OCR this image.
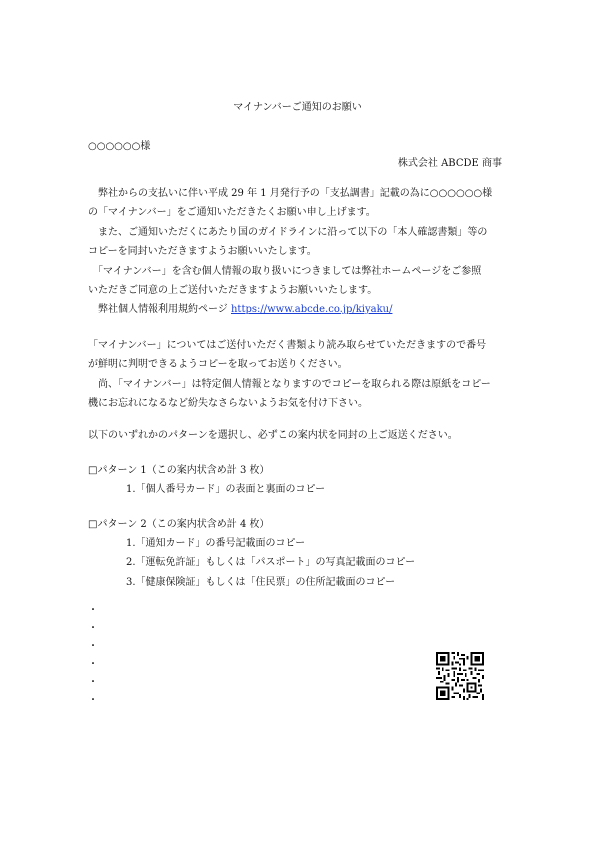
マイナンバーご通知のお願い
○○○○○○様
株式会社 ABCDE 商事
　弊社からの支払いに伴い平成 29 年 1 月発行予の「支払調書」記載の為に○○○○○○様
の「マイナンバー」をご通知いただきたくお願い申し上げます。
　また、ご通知いただくにあたり国のガイドラインに沿って以下の「本人確認書類」等の
コピーを同封いただきますようお願いいたします。
　「マイナンバー」を含む個人情報の取り扱いにつきましては弊社ホームページをご参照
いただきご同意の上ご送付いただきますようお願いいたします。
　弊社個人情報利用規約ページ https://www.abcde.co.jp/kiyaku/
「マイナンバー」についてはご送付いただく書類より読み取らせていただきますので番号
が鮮明に判明できるようコピーを取ってお送りください。
　尚、「マイナンバー」は特定個人情報となりますのでコピーを取られる際は原紙をコピー
機にお忘れになるなど紛失なさらないようお気を付け下さい。
以下のいずれかのパターンを選択し、必ずこの案内状を同封の上ご返送ください。
□パターン 1（この案内状含め計 3 枚）
1.「個人番号カード」の表面と裏面のコピー
□パターン 2（この案内状含め計 4 枚）
1.「通知カード」の番号記載面のコピー
2.「運転免許証」もしくは「パスポート」の写真記載面のコピー
3.「健康保険証」もしくは「住民票」の住所記載面のコピー
・
・
・
・
・
・
